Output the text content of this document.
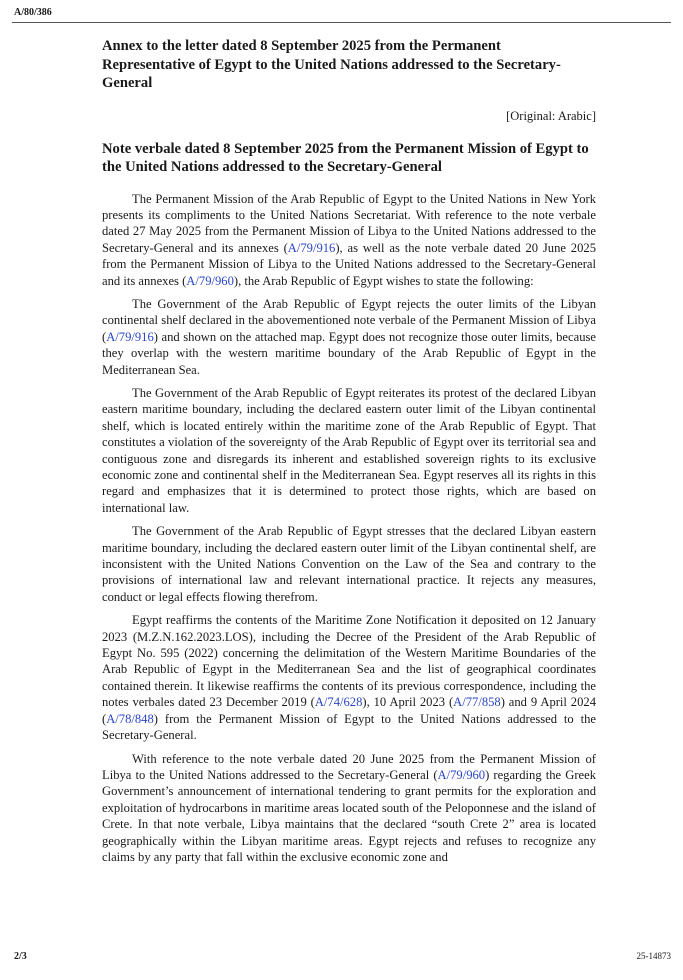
A/80/386
Annex to the letter dated 8 September 2025 from the Permanent Representative of Egypt to the United Nations addressed to the Secretary-General

[Original: Arabic]

Note verbale dated 8 September 2025 from the Permanent Mission of Egypt to the United Nations addressed to the Secretary-General

The Permanent Mission of the Arab Republic of Egypt to the United Nations in New York presents its compliments to the United Nations Secretariat. With reference to the note verbale dated 27 May 2025 from the Permanent Mission of Libya to the United Nations addressed to the Secretary-General and its annexes (A/79/916), as well as the note verbale dated 20 June 2025 from the Permanent Mission of Libya to the United Nations addressed to the Secretary-General and its annexes (A/79/960), the Arab Republic of Egypt wishes to state the following:

The Government of the Arab Republic of Egypt rejects the outer limits of the Libyan continental shelf declared in the abovementioned note verbale of the Permanent Mission of Libya (A/79/916) and shown on the attached map. Egypt does not recognize those outer limits, because they overlap with the western maritime boundary of the Arab Republic of Egypt in the Mediterranean Sea.

The Government of the Arab Republic of Egypt reiterates its protest of the declared Libyan eastern maritime boundary, including the declared eastern outer limit of the Libyan continental shelf, which is located entirely within the maritime zone of the Arab Republic of Egypt. That constitutes a violation of the sovereignty of the Arab Republic of Egypt over its territorial sea and contiguous zone and disregards its inherent and established sovereign rights to its exclusive economic zone and continental shelf in the Mediterranean Sea. Egypt reserves all its rights in this regard and emphasizes that it is determined to protect those rights, which are based on international law.

The Government of the Arab Republic of Egypt stresses that the declared Libyan eastern maritime boundary, including the declared eastern outer limit of the Libyan continental shelf, are inconsistent with the United Nations Convention on the Law of the Sea and contrary to the provisions of international law and relevant international practice. It rejects any measures, conduct or legal effects flowing therefrom.

Egypt reaffirms the contents of the Maritime Zone Notification it deposited on 12 January 2023 (M.Z.N.162.2023.LOS), including the Decree of the President of the Arab Republic of Egypt No. 595 (2022) concerning the delimitation of the Western Maritime Boundaries of the Arab Republic of Egypt in the Mediterranean Sea and the list of geographical coordinates contained therein. It likewise reaffirms the contents of its previous correspondence, including the notes verbales dated 23 December 2019 (A/74/628), 10 April 2023 (A/77/858) and 9 April 2024 (A/78/848) from the Permanent Mission of Egypt to the United Nations addressed to the Secretary-General.

With reference to the note verbale dated 20 June 2025 from the Permanent Mission of Libya to the United Nations addressed to the Secretary-General (A/79/960) regarding the Greek Government’s announcement of international tendering to grant permits for the exploration and exploitation of hydrocarbons in maritime areas located south of the Peloponnese and the island of Crete. In that note verbale, Libya maintains that the declared “south Crete 2” area is located geographically within the Libyan maritime areas. Egypt rejects and refuses to recognize any claims by any party that fall within the exclusive economic zone and

2/3	25-14873
